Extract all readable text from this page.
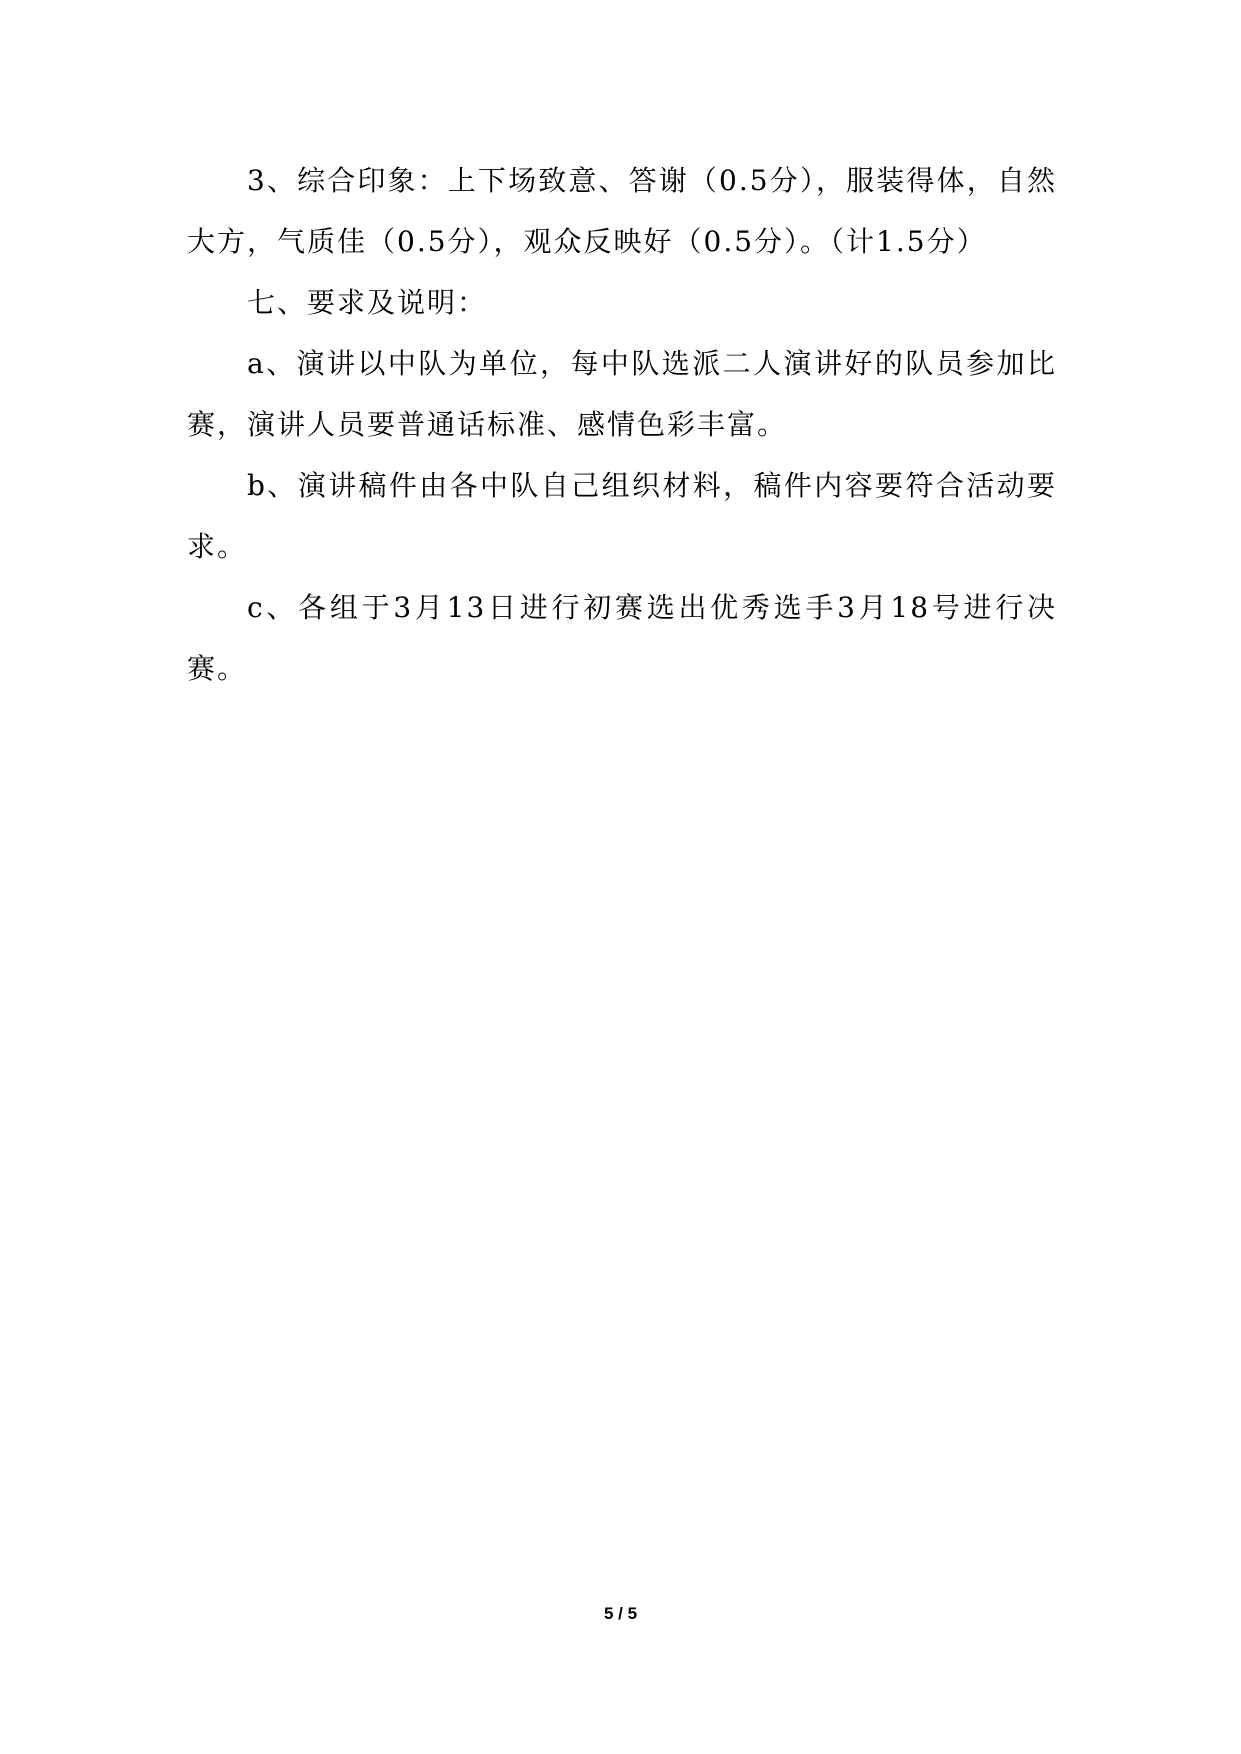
3、综合印象：上下场致意、答谢（0.5分），服装得体，自然大方，气质佳（0.5分），观众反映好（0.5分）。（计1.5分）

七、要求及说明：

a、演讲以中队为单位，每中队选派二人演讲好的队员参加比赛，演讲人员要普通话标准、感情色彩丰富。

b、演讲稿件由各中队自己组织材料，稿件内容要符合活动要求。

c、各组于3月13日进行初赛选出优秀选手3月18号进行决赛。

5 / 5
